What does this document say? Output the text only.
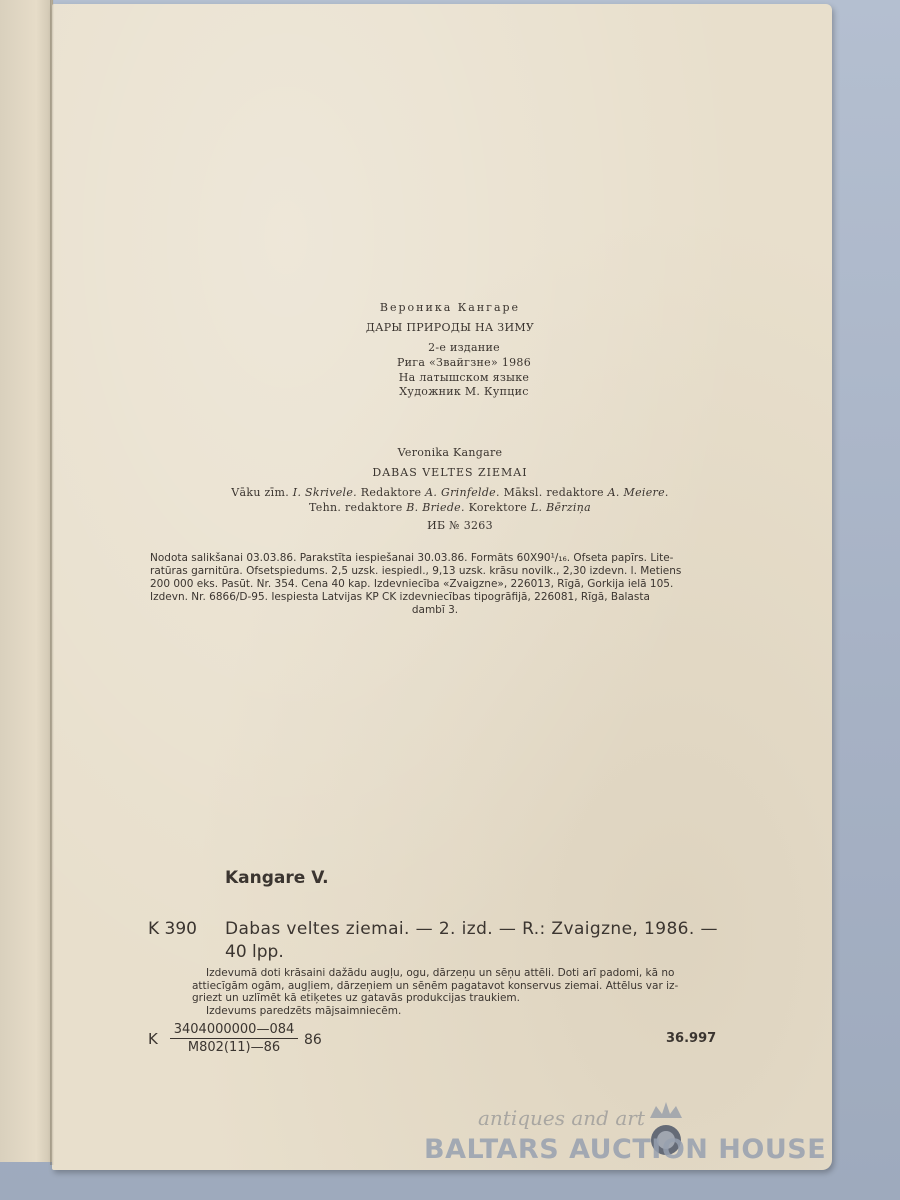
Вероника Кангаре
ДАРЫ ПРИРОДЫ НА ЗИМУ
2-е издание
Рига «Звайгзне» 1986
На латышском языке
Художник М. Купцис
Veronika Kangare
DABAS VELTES ZIEMAI
Vāku zīm. I. Skrivele. Redaktore A. Grinfelde. Māksl. redaktore A. Meiere.
Tehn. redaktore B. Briede. Korektore L. Bērziņa
ИБ № 3263
Nodota salikšanai 03.03.86. Parakstīta iespiešanai 30.03.86. Formāts 60X90¹/₁₆. Ofseta papīrs. Lite-
ratūras garnitūra. Ofsetspiedums. 2,5 uzsk. iespiedl., 9,13 uzsk. krāsu novilk., 2,30 izdevn. l. Metiens
200 000 eks. Pasūt. Nr. 354. Cena 40 kap. Izdevniecība «Zvaigzne», 226013, Rīgā, Gorkija ielā 105.
Izdevn. Nr. 6866/D-95. Iespiesta Latvijas KP CK izdevniecības tipogrāfijā, 226081, Rīgā, Balasta
dambī 3.
Kangare V.
K 390 Dabas veltes ziemai. — 2. izd. — R.: Zvaigzne, 1986. —
40 lpp.
Izdevumā doti krāsaini dažādu augļu, ogu, dārzeņu un sēņu attēli. Doti arī padomi, kā no
attiecīgām ogām, augļiem, dārzeņiem un sēnēm pagatavot konservus ziemai. Attēlus var iz-
griezt un uzlīmēt kā etiķetes uz gatavās produkcijas traukiem.
Izdevums paredzēts mājsaimniecēm.
K $\frac{3404000000—084}{M802(11)—86} 86$	36.997
antiques and art
BALTARS AUCTION HOUSE
